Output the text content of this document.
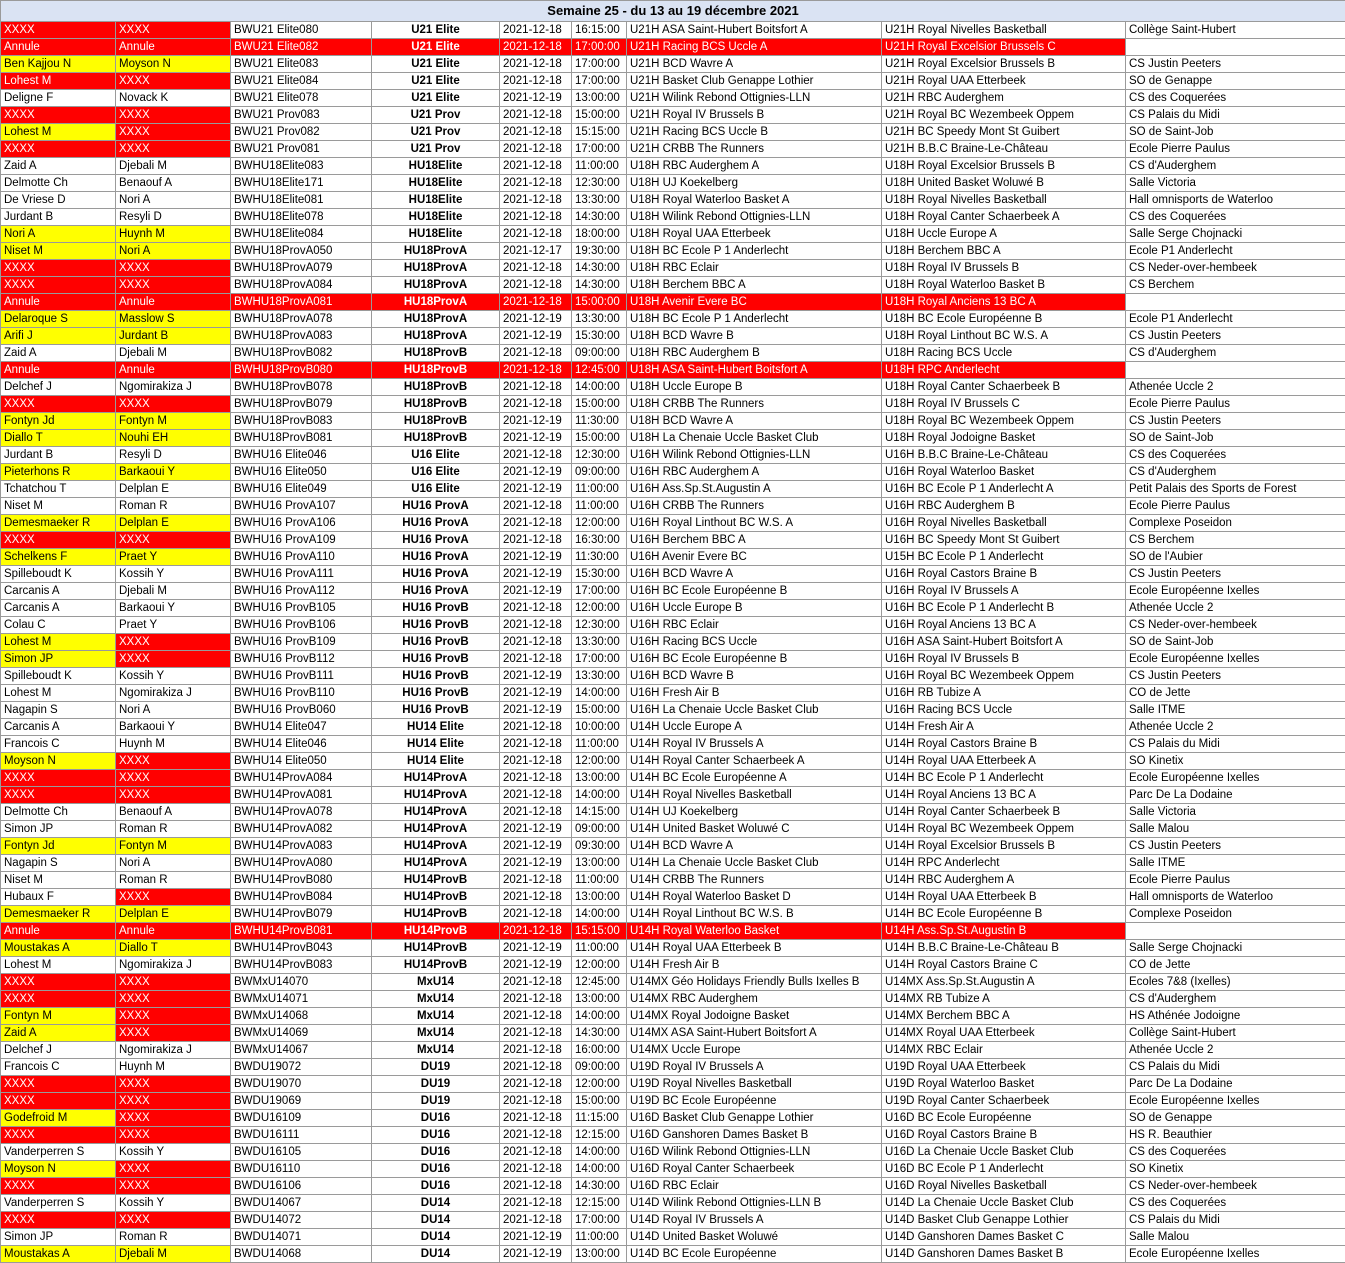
Semaine 25 - du 13 au 19 décembre 2021								
XXXX	XXXX	BWU21 Elite080	U21 Elite	2021-12-18	16:15:00	U21H ASA Saint-Hubert Boitsfort A	U21H Royal Nivelles Basketball	Collège Saint-Hubert
Annule	Annule	BWU21 Elite082	U21 Elite	2021-12-18	17:00:00	U21H Racing BCS Uccle A	U21H Royal Excelsior Brussels C	
Ben Kajjou N	Moyson N	BWU21 Elite083	U21 Elite	2021-12-18	17:00:00	U21H BCD Wavre A	U21H Royal Excelsior Brussels B	CS Justin Peeters
Lohest M	XXXX	BWU21 Elite084	U21 Elite	2021-12-18	17:00:00	U21H Basket Club Genappe Lothier	U21H Royal UAA Etterbeek	SO de Genappe
Deligne F	Novack K	BWU21 Elite078	U21 Elite	2021-12-19	13:00:00	U21H Wilink Rebond Ottignies-LLN	U21H RBC Auderghem	CS des Coquerées
XXXX	XXXX	BWU21 Prov083	U21 Prov	2021-12-18	15:00:00	U21H Royal IV Brussels B	U21H Royal BC Wezembeek Oppem	CS Palais du Midi
Lohest M	XXXX	BWU21 Prov082	U21 Prov	2021-12-18	15:15:00	U21H Racing BCS Uccle B	U21H BC Speedy Mont St Guibert	SO de Saint-Job
XXXX	XXXX	BWU21 Prov081	U21 Prov	2021-12-18	17:00:00	U21H CRBB The Runners	U21H B.B.C Braine-Le-Château	Ecole Pierre Paulus
Zaid A	Djebali M	BWHU18Elite083	HU18Elite	2021-12-18	11:00:00	U18H RBC Auderghem A	U18H Royal Excelsior Brussels B	CS d'Auderghem
Delmotte Ch	Benaouf A	BWHU18Elite171	HU18Elite	2021-12-18	12:30:00	U18H UJ Koekelberg	U18H United Basket Woluwé B	Salle Victoria
De Vriese D	Nori A	BWHU18Elite081	HU18Elite	2021-12-18	13:30:00	U18H Royal Waterloo Basket A	U18H Royal Nivelles Basketball	Hall omnisports de Waterloo
Jurdant B	Resyli D	BWHU18Elite078	HU18Elite	2021-12-18	14:30:00	U18H Wilink Rebond Ottignies-LLN	U18H Royal Canter Schaerbeek A	CS des Coquerées
Nori A	Huynh M	BWHU18Elite084	HU18Elite	2021-12-18	18:00:00	U18H Royal UAA Etterbeek	U18H Uccle Europe A	Salle Serge Chojnacki
Niset M	Nori A	BWHU18ProvA050	HU18ProvA	2021-12-17	19:30:00	U18H BC Ecole P 1 Anderlecht	U18H Berchem BBC A	Ecole P1 Anderlecht
XXXX	XXXX	BWHU18ProvA079	HU18ProvA	2021-12-18	14:30:00	U18H RBC Eclair	U18H Royal IV Brussels B	CS Neder-over-hembeek
XXXX	XXXX	BWHU18ProvA084	HU18ProvA	2021-12-18	14:30:00	U18H Berchem BBC A	U18H Royal Waterloo Basket B	CS Berchem
Annule	Annule	BWHU18ProvA081	HU18ProvA	2021-12-18	15:00:00	U18H Avenir Evere BC	U18H Royal Anciens 13 BC A	
Delaroque S	Masslow S	BWHU18ProvA078	HU18ProvA	2021-12-19	13:30:00	U18H BC Ecole P 1 Anderlecht	U18H BC Ecole Européenne B	Ecole P1 Anderlecht
Arifi J	Jurdant B	BWHU18ProvA083	HU18ProvA	2021-12-19	15:30:00	U18H BCD Wavre B	U18H Royal Linthout BC W.S. A	CS Justin Peeters
Zaid A	Djebali M	BWHU18ProvB082	HU18ProvB	2021-12-18	09:00:00	U18H RBC Auderghem B	U18H Racing BCS Uccle	CS d'Auderghem
Annule	Annule	BWHU18ProvB080	HU18ProvB	2021-12-18	12:45:00	U18H ASA Saint-Hubert Boitsfort A	U18H RPC Anderlecht	
Delchef J	Ngomirakiza J	BWHU18ProvB078	HU18ProvB	2021-12-18	14:00:00	U18H Uccle Europe B	U18H Royal Canter Schaerbeek B	Athenée Uccle 2
XXXX	XXXX	BWHU18ProvB079	HU18ProvB	2021-12-18	15:00:00	U18H CRBB The Runners	U18H Royal IV Brussels C	Ecole Pierre Paulus
Fontyn Jd	Fontyn M	BWHU18ProvB083	HU18ProvB	2021-12-19	11:30:00	U18H BCD Wavre A	U18H Royal BC Wezembeek Oppem	CS Justin Peeters
Diallo T	Nouhi EH	BWHU18ProvB081	HU18ProvB	2021-12-19	15:00:00	U18H La Chenaie Uccle Basket Club	U18H Royal Jodoigne Basket	SO de Saint-Job
Jurdant B	Resyli D	BWHU16 Elite046	U16 Elite	2021-12-18	12:30:00	U16H Wilink Rebond Ottignies-LLN	U16H B.B.C Braine-Le-Château	CS des Coquerées
Pieterhons R	Barkaoui Y	BWHU16 Elite050	U16 Elite	2021-12-19	09:00:00	U16H RBC Auderghem A	U16H Royal Waterloo Basket	CS d'Auderghem
Tchatchou T	Delplan E	BWHU16 Elite049	U16 Elite	2021-12-19	11:00:00	U16H Ass.Sp.St.Augustin A	U16H BC Ecole P 1 Anderlecht A	Petit Palais des Sports de Forest
Niset M	Roman R	BWHU16 ProvA107	HU16 ProvA	2021-12-18	11:00:00	U16H CRBB The Runners	U16H RBC Auderghem B	Ecole Pierre Paulus
Demesmaeker R	Delplan E	BWHU16 ProvA106	HU16 ProvA	2021-12-18	12:00:00	U16H Royal Linthout BC W.S. A	U16H Royal Nivelles Basketball	Complexe Poseidon
XXXX	XXXX	BWHU16 ProvA109	HU16 ProvA	2021-12-18	16:30:00	U16H Berchem BBC A	U16H BC Speedy Mont St Guibert	CS Berchem
Schelkens F	Praet Y	BWHU16 ProvA110	HU16 ProvA	2021-12-19	11:30:00	U16H Avenir Evere BC	U15H BC Ecole P 1 Anderlecht	SO de l'Aubier
Spilleboudt K	Kossih Y	BWHU16 ProvA111	HU16 ProvA	2021-12-19	15:30:00	U16H BCD Wavre A	U16H Royal Castors Braine B	CS Justin Peeters
Carcanis A	Djebali M	BWHU16 ProvA112	HU16 ProvA	2021-12-19	17:00:00	U16H BC Ecole Européenne B	U16H Royal IV Brussels A	Ecole Européenne Ixelles
Carcanis A	Barkaoui Y	BWHU16 ProvB105	HU16 ProvB	2021-12-18	12:00:00	U16H Uccle Europe B	U16H BC Ecole P 1 Anderlecht B	Athenée Uccle 2
Colau C	Praet Y	BWHU16 ProvB106	HU16 ProvB	2021-12-18	12:30:00	U16H RBC Eclair	U16H Royal Anciens 13 BC A	CS Neder-over-hembeek
Lohest M	XXXX	BWHU16 ProvB109	HU16 ProvB	2021-12-18	13:30:00	U16H Racing BCS Uccle	U16H ASA Saint-Hubert Boitsfort A	SO de Saint-Job
Simon JP	XXXX	BWHU16 ProvB112	HU16 ProvB	2021-12-18	17:00:00	U16H BC Ecole Européenne B	U16H Royal IV Brussels B	Ecole Européenne Ixelles
Spilleboudt K	Kossih Y	BWHU16 ProvB111	HU16 ProvB	2021-12-19	13:30:00	U16H BCD Wavre B	U16H Royal BC Wezembeek Oppem	CS Justin Peeters
Lohest M	Ngomirakiza J	BWHU16 ProvB110	HU16 ProvB	2021-12-19	14:00:00	U16H Fresh Air B	U16H RB Tubize A	CO de Jette
Nagapin S	Nori A	BWHU16 ProvB060	HU16 ProvB	2021-12-19	15:00:00	U16H La Chenaie Uccle Basket Club	U16H Racing BCS Uccle	Salle ITME
Carcanis A	Barkaoui Y	BWHU14 Elite047	HU14 Elite	2021-12-18	10:00:00	U14H Uccle Europe A	U14H Fresh Air A	Athenée Uccle 2
Francois C	Huynh M	BWHU14 Elite046	HU14 Elite	2021-12-18	11:00:00	U14H Royal IV Brussels A	U14H Royal Castors Braine B	CS Palais du Midi
Moyson N	XXXX	BWHU14 Elite050	HU14 Elite	2021-12-18	12:00:00	U14H Royal Canter Schaerbeek A	U14H Royal UAA Etterbeek A	SO Kinetix
XXXX	XXXX	BWHU14ProvA084	HU14ProvA	2021-12-18	13:00:00	U14H BC Ecole Européenne A	U14H BC Ecole P 1 Anderlecht	Ecole Européenne Ixelles
XXXX	XXXX	BWHU14ProvA081	HU14ProvA	2021-12-18	14:00:00	U14H Royal Nivelles Basketball	U14H Royal Anciens 13 BC A	Parc De La Dodaine
Delmotte Ch	Benaouf A	BWHU14ProvA078	HU14ProvA	2021-12-18	14:15:00	U14H UJ Koekelberg	U14H Royal Canter Schaerbeek B	Salle Victoria
Simon JP	Roman R	BWHU14ProvA082	HU14ProvA	2021-12-19	09:00:00	U14H United Basket Woluwé C	U14H Royal BC Wezembeek Oppem	Salle Malou
Fontyn Jd	Fontyn M	BWHU14ProvA083	HU14ProvA	2021-12-19	09:30:00	U14H BCD Wavre A	U14H Royal Excelsior Brussels B	CS Justin Peeters
Nagapin S	Nori A	BWHU14ProvA080	HU14ProvA	2021-12-19	13:00:00	U14H La Chenaie Uccle Basket Club	U14H RPC Anderlecht	Salle ITME
Niset M	Roman R	BWHU14ProvB080	HU14ProvB	2021-12-18	11:00:00	U14H CRBB The Runners	U14H RBC Auderghem A	Ecole Pierre Paulus
Hubaux F	XXXX	BWHU14ProvB084	HU14ProvB	2021-12-18	13:00:00	U14H Royal Waterloo Basket D	U14H Royal UAA Etterbeek B	Hall omnisports de Waterloo
Demesmaeker R	Delplan E	BWHU14ProvB079	HU14ProvB	2021-12-18	14:00:00	U14H Royal Linthout BC W.S. B	U14H BC Ecole Européenne B	Complexe Poseidon
Annule	Annule	BWHU14ProvB081	HU14ProvB	2021-12-18	15:15:00	U14H Royal Waterloo Basket	U14H Ass.Sp.St.Augustin B	
Moustakas A	Diallo T	BWHU14ProvB043	HU14ProvB	2021-12-19	11:00:00	U14H Royal UAA Etterbeek B	U14H B.B.C Braine-Le-Château B	Salle Serge Chojnacki
Lohest M	Ngomirakiza J	BWHU14ProvB083	HU14ProvB	2021-12-19	12:00:00	U14H Fresh Air B	U14H Royal Castors Braine C	CO de Jette
XXXX	XXXX	BWMxU14070	MxU14	2021-12-18	12:45:00	U14MX Géo Holidays Friendly Bulls Ixelles B	U14MX Ass.Sp.St.Augustin A	Ecoles 7&8 (Ixelles)
XXXX	XXXX	BWMxU14071	MxU14	2021-12-18	13:00:00	U14MX RBC Auderghem	U14MX RB Tubize A	CS d'Auderghem
Fontyn M	XXXX	BWMxU14068	MxU14	2021-12-18	14:00:00	U14MX Royal Jodoigne Basket	U14MX Berchem BBC A	HS Athénée Jodoigne
Zaid A	XXXX	BWMxU14069	MxU14	2021-12-18	14:30:00	U14MX ASA Saint-Hubert Boitsfort A	U14MX Royal UAA Etterbeek	Collège Saint-Hubert
Delchef J	Ngomirakiza J	BWMxU14067	MxU14	2021-12-18	16:00:00	U14MX Uccle Europe	U14MX RBC Eclair	Athenée Uccle 2
Francois C	Huynh M	BWDU19072	DU19	2021-12-18	09:00:00	U19D Royal IV Brussels A	U19D Royal UAA Etterbeek	CS Palais du Midi
XXXX	XXXX	BWDU19070	DU19	2021-12-18	12:00:00	U19D Royal Nivelles Basketball	U19D Royal Waterloo Basket	Parc De La Dodaine
XXXX	XXXX	BWDU19069	DU19	2021-12-18	15:00:00	U19D BC Ecole Européenne	U19D Royal Canter Schaerbeek	Ecole Européenne Ixelles
Godefroid M	XXXX	BWDU16109	DU16	2021-12-18	11:15:00	U16D Basket Club Genappe Lothier	U16D BC Ecole Européenne	SO de Genappe
XXXX	XXXX	BWDU16111	DU16	2021-12-18	12:15:00	U16D Ganshoren Dames Basket B	U16D Royal Castors Braine B	HS R. Beauthier
Vanderperren S	Kossih Y	BWDU16105	DU16	2021-12-18	14:00:00	U16D Wilink Rebond Ottignies-LLN	U16D La Chenaie Uccle Basket Club	CS des Coquerées
Moyson N	XXXX	BWDU16110	DU16	2021-12-18	14:00:00	U16D Royal Canter Schaerbeek	U16D BC Ecole P 1 Anderlecht	SO Kinetix
XXXX	XXXX	BWDU16106	DU16	2021-12-18	14:30:00	U16D RBC Eclair	U16D Royal Nivelles Basketball	CS Neder-over-hembeek
Vanderperren S	Kossih Y	BWDU14067	DU14	2021-12-18	12:15:00	U14D Wilink Rebond Ottignies-LLN B	U14D La Chenaie Uccle Basket Club	CS des Coquerées
XXXX	XXXX	BWDU14072	DU14	2021-12-18	17:00:00	U14D Royal IV Brussels A	U14D Basket Club Genappe Lothier	CS Palais du Midi
Simon JP	Roman R	BWDU14071	DU14	2021-12-19	11:00:00	U14D United Basket Woluwé	U14D Ganshoren Dames Basket C	Salle Malou
Moustakas A	Djebali M	BWDU14068	DU14	2021-12-19	13:00:00	U14D BC Ecole Européenne	U14D Ganshoren Dames Basket B	Ecole Européenne Ixelles
